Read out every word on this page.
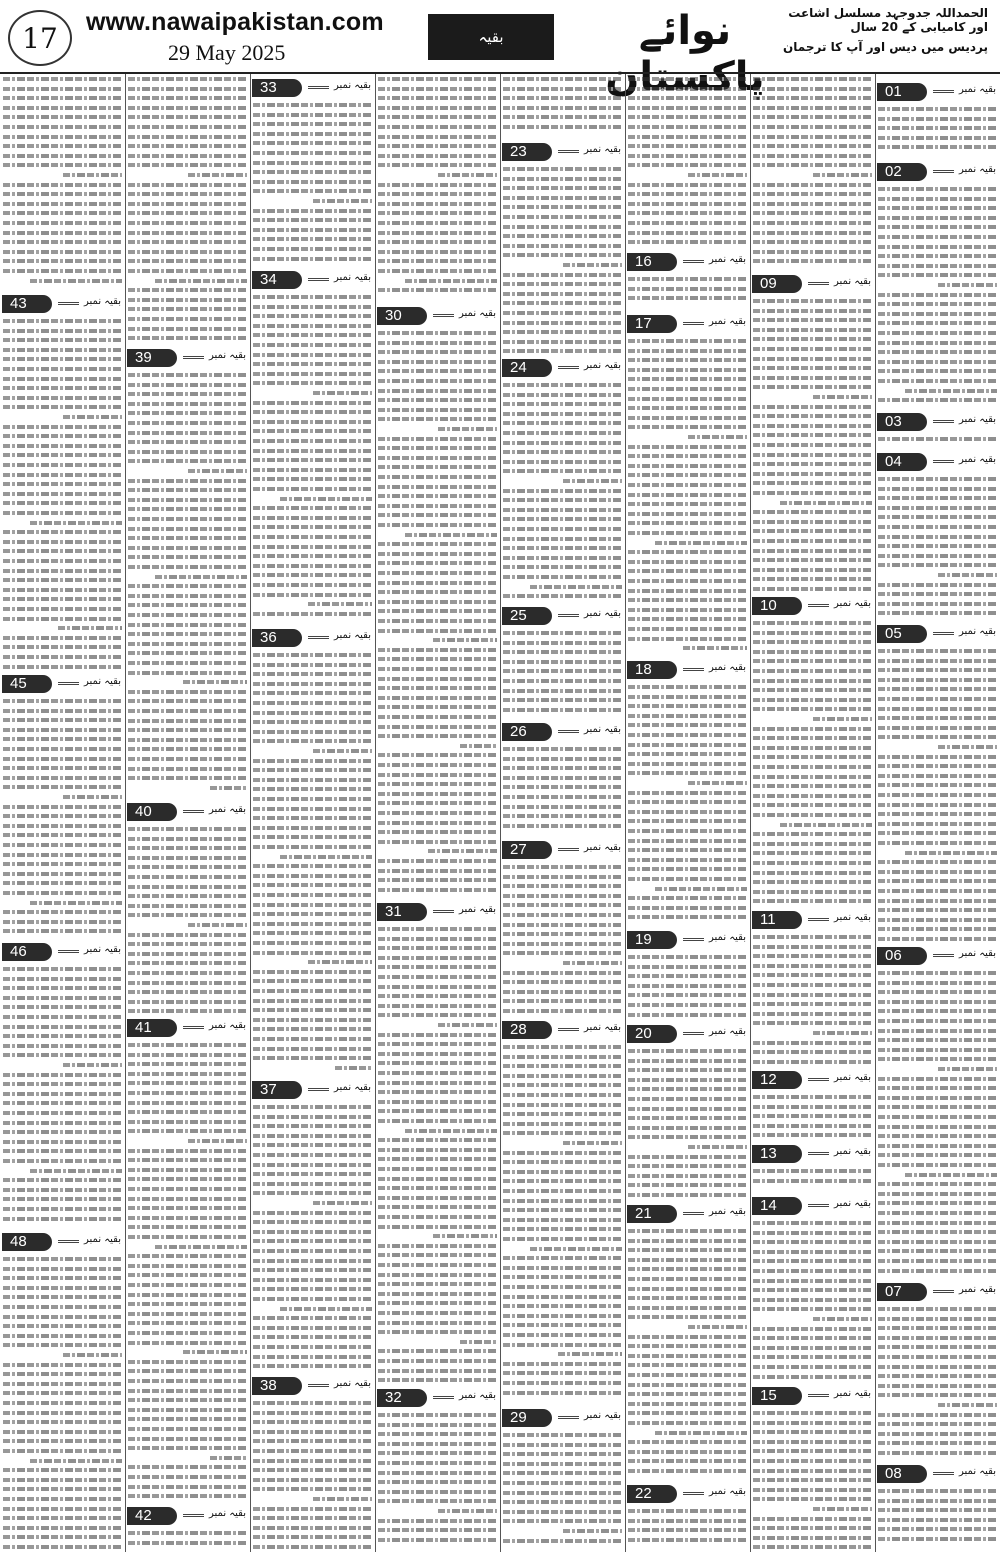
17	www.nawaipakistan.com
29 May 2025
بقیہ	نوائے	الحمداللہ جدوجہد مسلسل اشاعت اور کامیابی کے 20 سال
پردیس میں دیس اور آپ کا ترجمان
01	بقیہ نمبر
02	بقیہ نمبر
03	بقیہ نمبر
04	بقیہ نمبر
05	بقیہ نمبر
06	بقیہ نمبر
07	بقیہ نمبر
08	بقیہ نمبر
09	بقیہ نمبر
10	بقیہ نمبر
11	بقیہ نمبر
12	بقیہ نمبر
13	بقیہ نمبر
14	بقیہ نمبر
15	بقیہ نمبر
16	بقیہ نمبر
17	بقیہ نمبر
18	بقیہ نمبر
19	بقیہ نمبر
20	بقیہ نمبر
21	بقیہ نمبر
22	بقیہ نمبر
23	بقیہ نمبر
24	بقیہ نمبر
25	بقیہ نمبر
26	بقیہ نمبر
27	بقیہ نمبر
28	بقیہ نمبر
29	بقیہ نمبر
30	بقیہ نمبر
31	بقیہ نمبر
32	بقیہ نمبر
33	بقیہ نمبر
34	بقیہ نمبر
36	بقیہ نمبر
37	بقیہ نمبر
38	بقیہ نمبر
39	بقیہ نمبر
40	بقیہ نمبر
41	بقیہ نمبر
42	بقیہ نمبر
43	بقیہ نمبر
45	بقیہ نمبر
46	بقیہ نمبر
48	بقیہ نمبر
